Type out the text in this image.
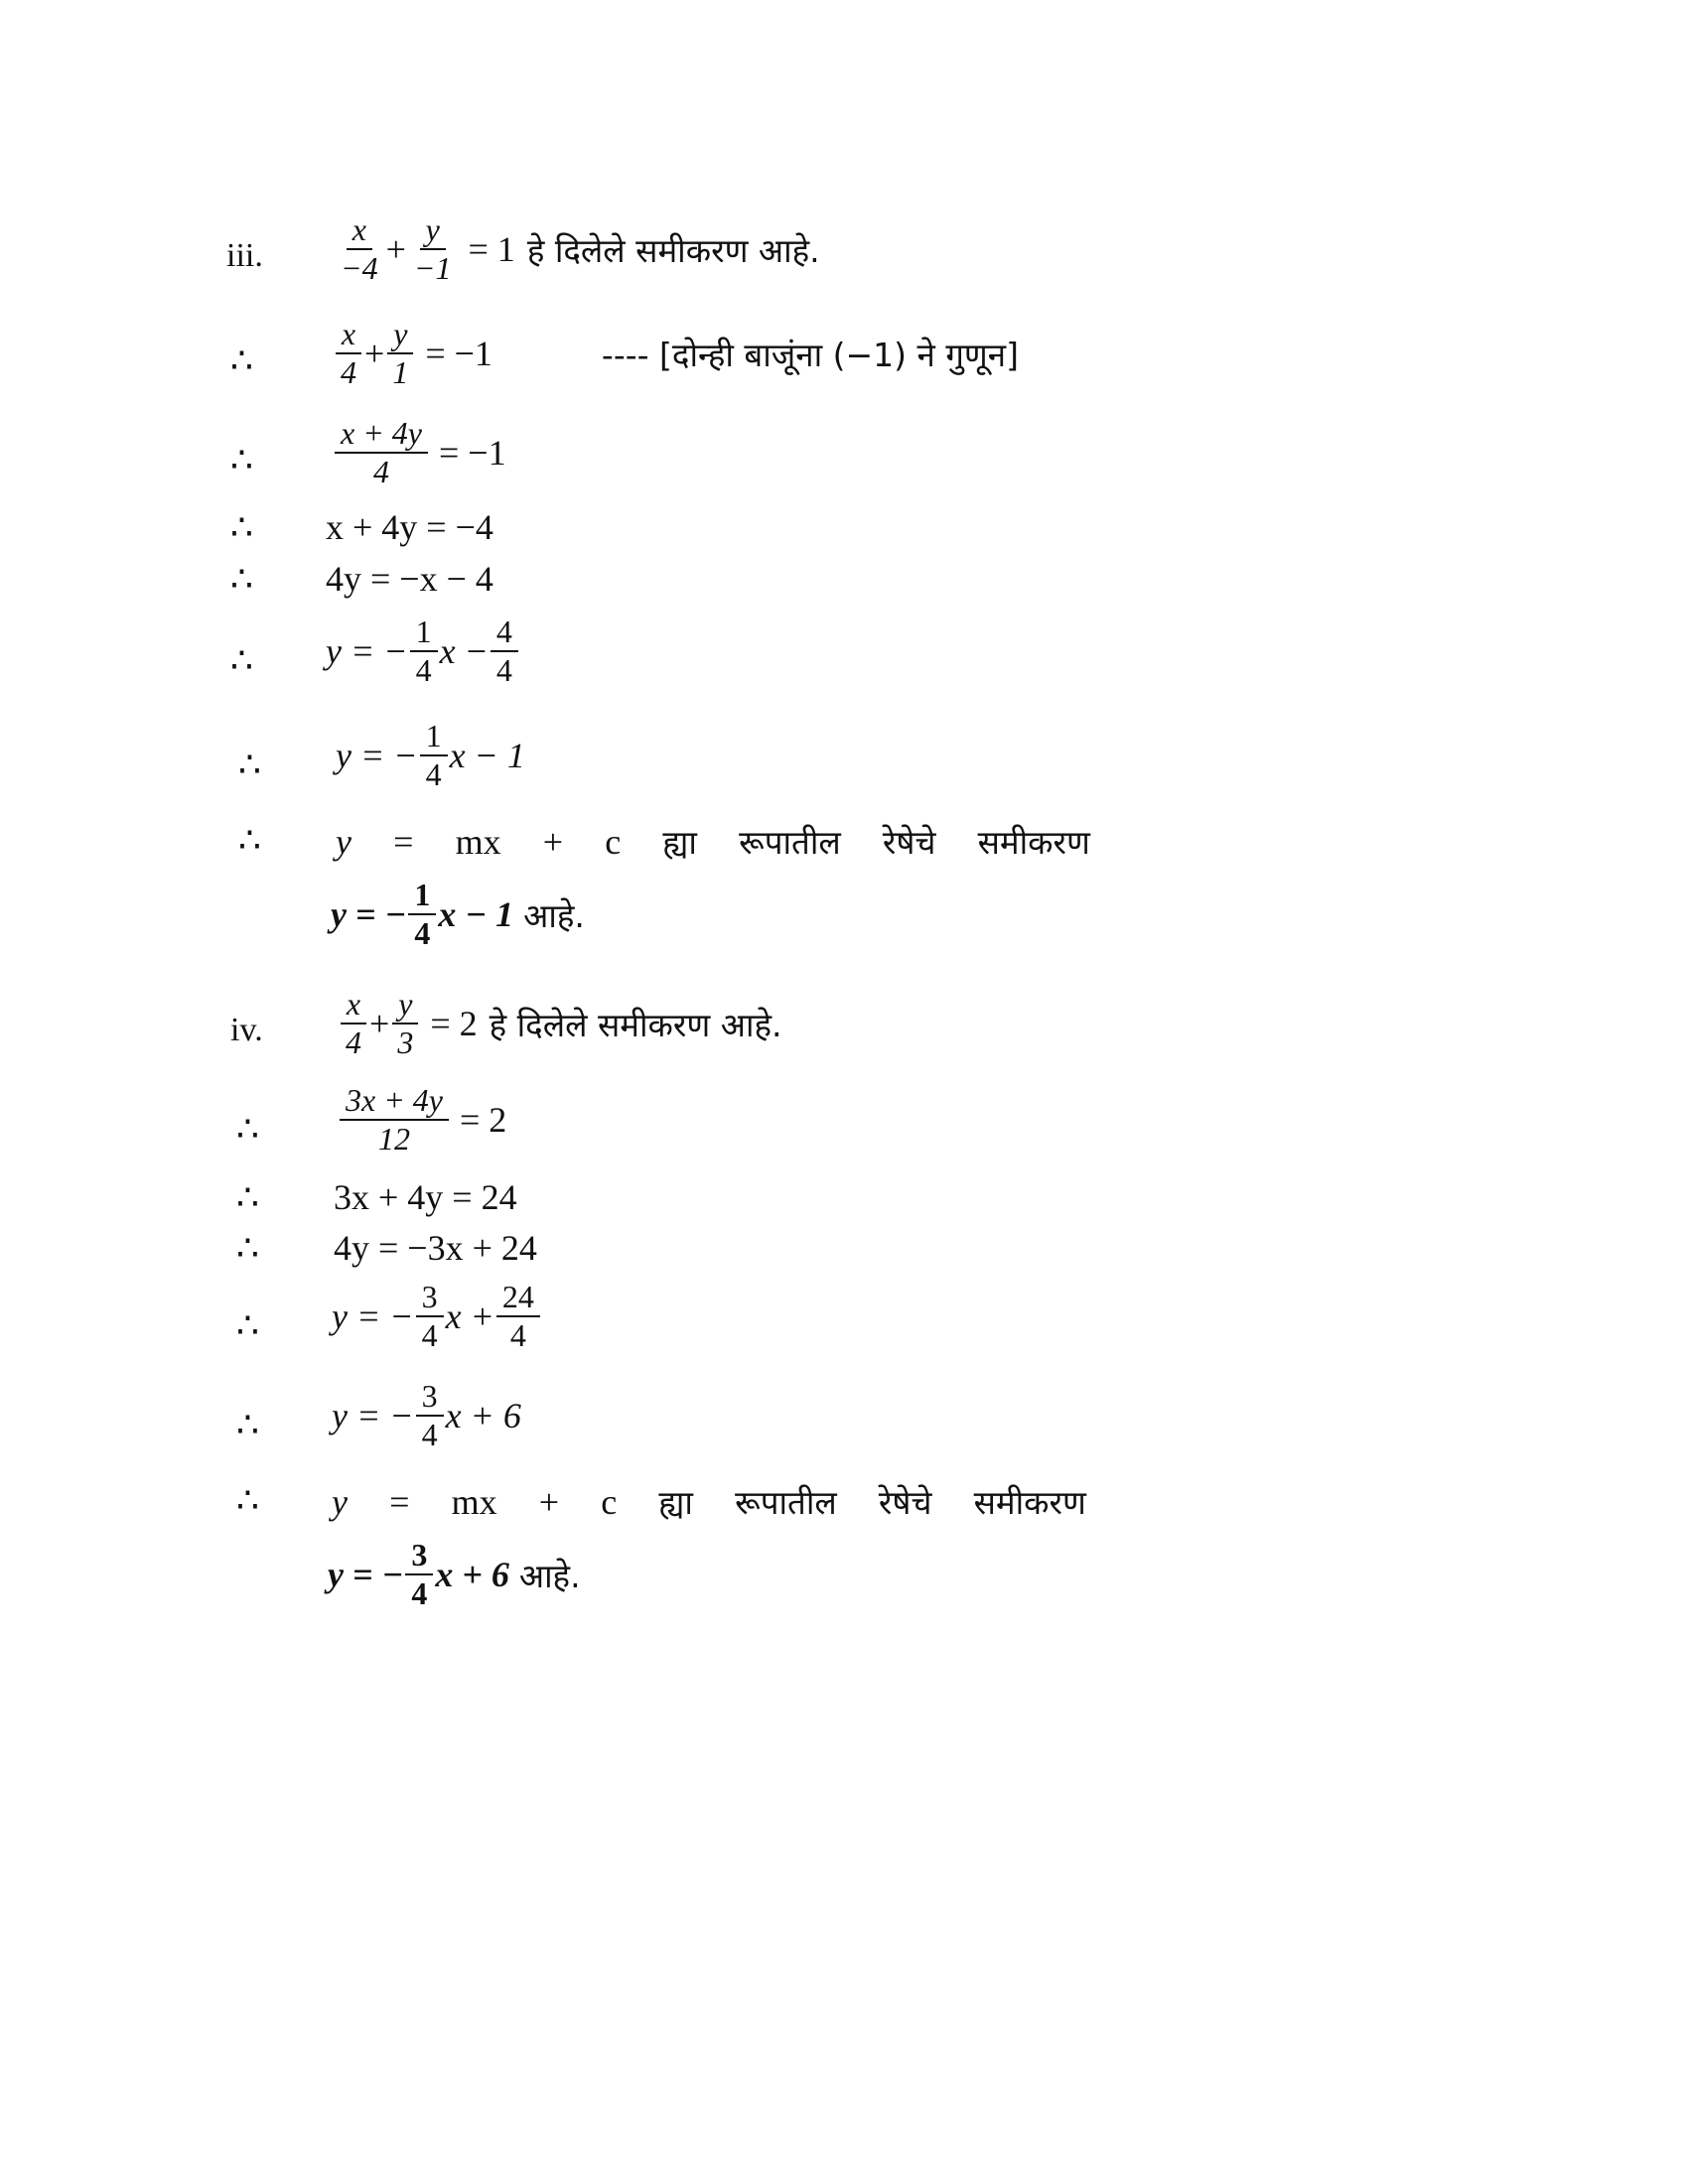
iii. $\frac{x}{-4} + \frac{y}{-1} = 1$ हे दिलेले समीकरण आहे.
∴	$\frac{x}{4} + \frac{y}{1} = -1$	---- [दोन्ही बाजूंना (−1) ने गुणून]
∴	$\frac{x + 4y}{4} = -1$
∴ x + 4y = −4
∴ 4y = −x − 4
∴ y = − $\frac{1}{4}$ $x - \frac{4}{4}$
∴ y = − $\frac{1}{4}$ x − 1
∴ y = mx + c ह्या रूपातील रेषेचे समीकरण
y = − $\frac{1}{4}$ x − 1 आहे.
iv. $\frac{x}{4} + \frac{y}{3} = 2$ हे दिलेले समीकरण आहे.
∴	$\frac{3x + 4y}{12} = 2$
∴ 3x + 4y = 24
∴ 4y = −3x + 24
∴ y = − $\frac{3}{4}$ $x + \frac{24}{4}$
∴ y = − $\frac{3}{4}$ x + 6
∴ y = mx + c ह्या रूपातील रेषेचे समीकरण
y = − $\frac{3}{4}$ x + 6 आहे.
